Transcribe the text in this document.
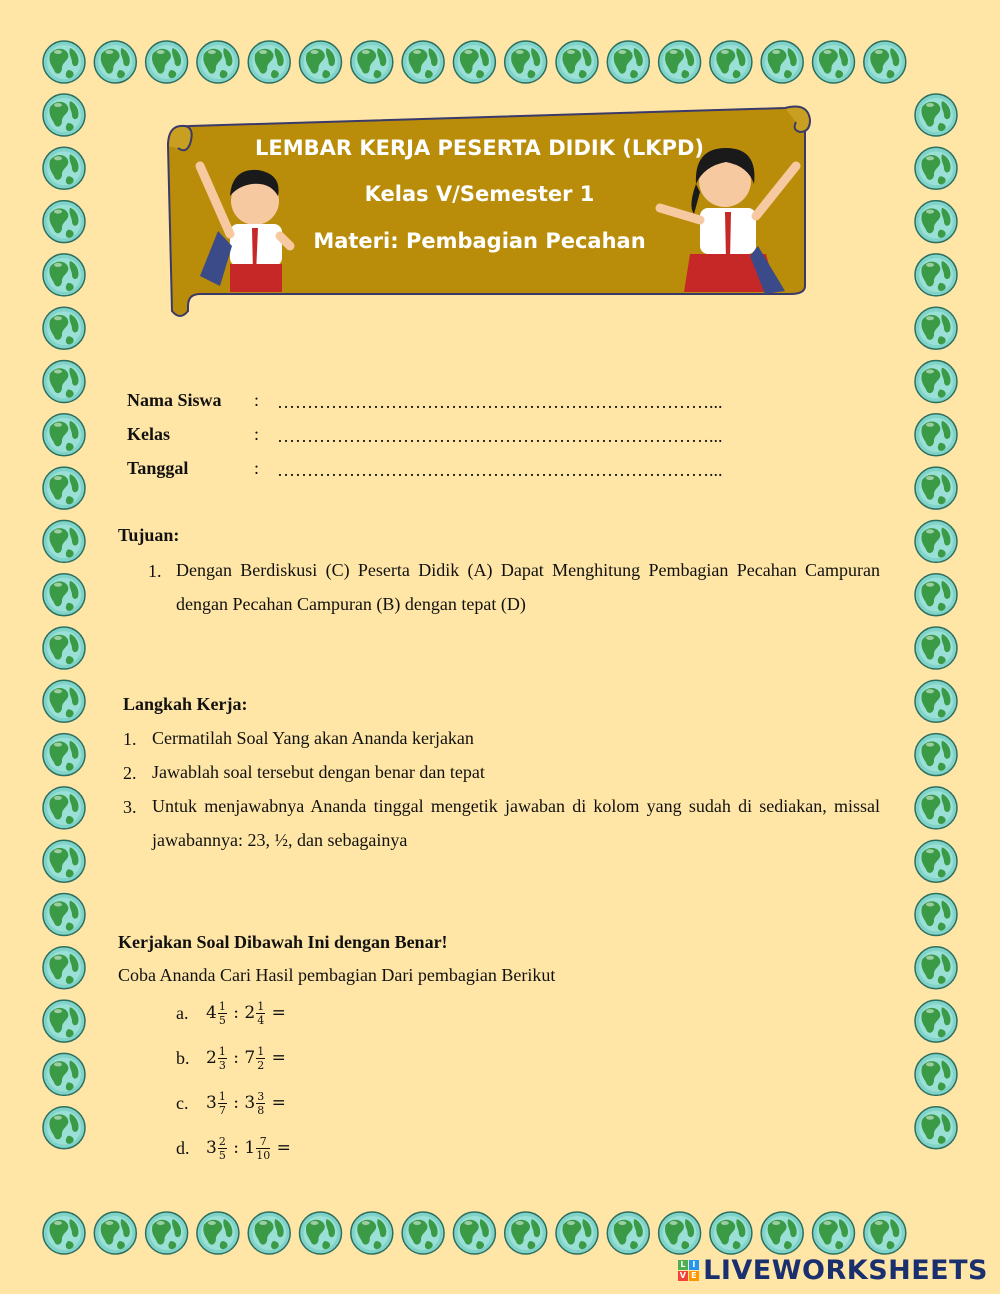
LEMBAR KERJA PESERTA DIDIK (LKPD)
Kelas V/Semester 1
Materi: Pembagian Pecahan
Nama Siswa : ………………………………………………………………...
Kelas	: ………………………………………………………………...
Tanggal	: ………………………………………………………………...
Tujuan:
1. Dengan Berdiskusi (C) Peserta Didik (A) Dapat Menghitung Pembagian Pecahan Campuran dengan Pecahan Campuran (B) dengan tepat (D)
Langkah Kerja:
1. Cermatilah Soal Yang akan Ananda kerjakan
2. Jawablah soal tersebut dengan benar dan tepat
3. Untuk menjawabnya Ananda tinggal mengetik jawaban di kolom yang sudah di sediakan, missal jawabannya: 23, ½, dan sebagainya
Kerjakan Soal Dibawah Ini dengan Benar!
Coba Ananda Cari Hasil pembagian Dari pembagian Berikut
a.	$4 \frac{1}{5}$ : $2 \frac{1}{4}$ =
b. $2 \frac{1}{3}$ : $7 \frac{1}{2}$ =
c.	$3 \frac{1}{7}$ : $3 \frac{3}{8}$ =
d. $3 \frac{2}{5}$ : $1 \frac{7}{10}$ =
L I
V E LIVEWORKSHEETS
